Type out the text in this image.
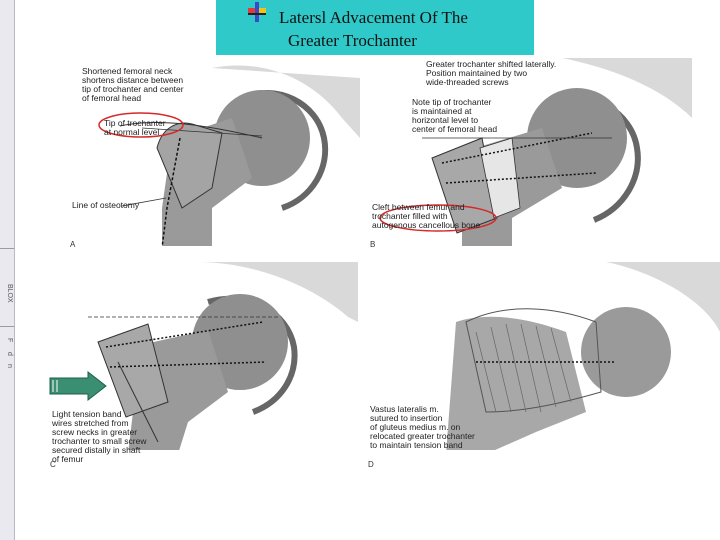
BLOX
F
d
n
Latersl Advacement Of The
Greater Trochanter
Shortened femoral neck
shortens distance between
tip of trochanter and center
of femoral head
Tip of trochanter
at normal level
Line of osteotomy
A
Greater trochanter shifted laterally.
Position maintained by two
wide-threaded screws
Note tip of trochanter
is maintained at
horizontal level to
center of femoral head
Cleft between femur and
trochanter filled with
autogenous cancellous bone
B
Light tension band
wires stretched from
screw necks in greater
trochanter to small screw
secured distally in shaft
of femur
C
Vastus lateralis m.
sutured to insertion
of gluteus medius m. on
relocated greater trochanter
to maintain tension band
D
